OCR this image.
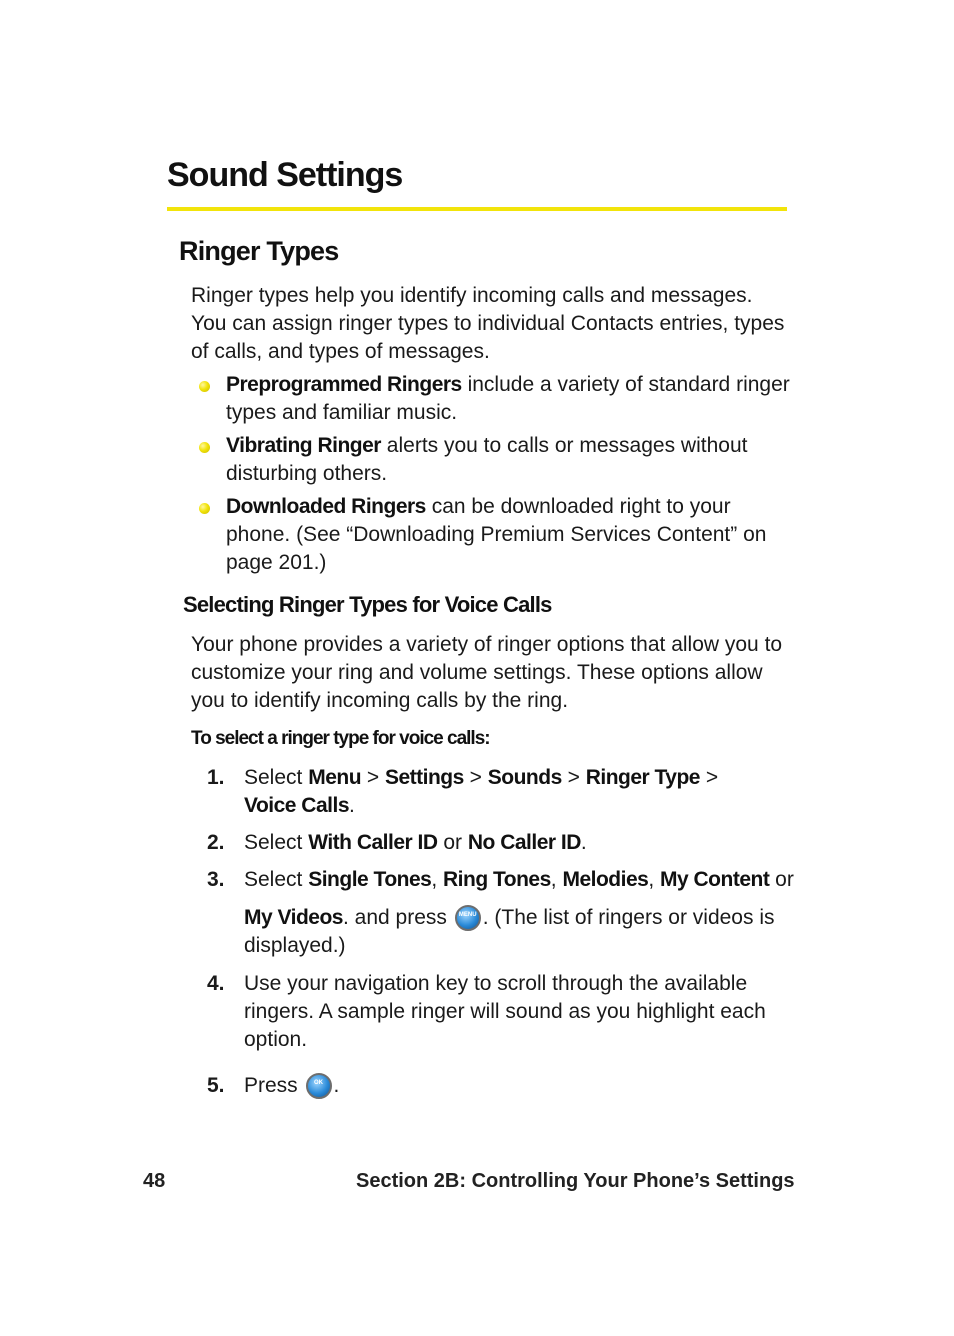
Sound Settings
Ringer Types
Ringer types help you identify incoming calls and messages. You can assign ringer types to individual Contacts entries, types of calls, and types of messages.
Preprogrammed Ringers include a variety of standard ringer types and familiar music.
Vibrating Ringer alerts you to calls or messages without disturbing others.
Downloaded Ringers can be downloaded right to your phone. (See “Downloading Premium Services Content” on page 201.)
Selecting Ringer Types for Voice Calls
Your phone provides a variety of ringer options that allow you to customize your ring and volume settings. These options allow you to identify incoming calls by the ring.
To select a ringer type for voice calls:
1. Select Menu > Settings > Sounds > Ringer Type >
Voice Calls.
2. Select With Caller ID or No Caller ID.
3. Select Single Tones, Ring Tones, Melodies, My Content or
My Videos. and press	MENU . (The list of ringers or videos is displayed.)
4. Use your navigation key to scroll through the available ringers. A sample ringer will sound as you highlight each option.
5. Press	OK .
48	Section 2B: Controlling Your Phone’s Settings
